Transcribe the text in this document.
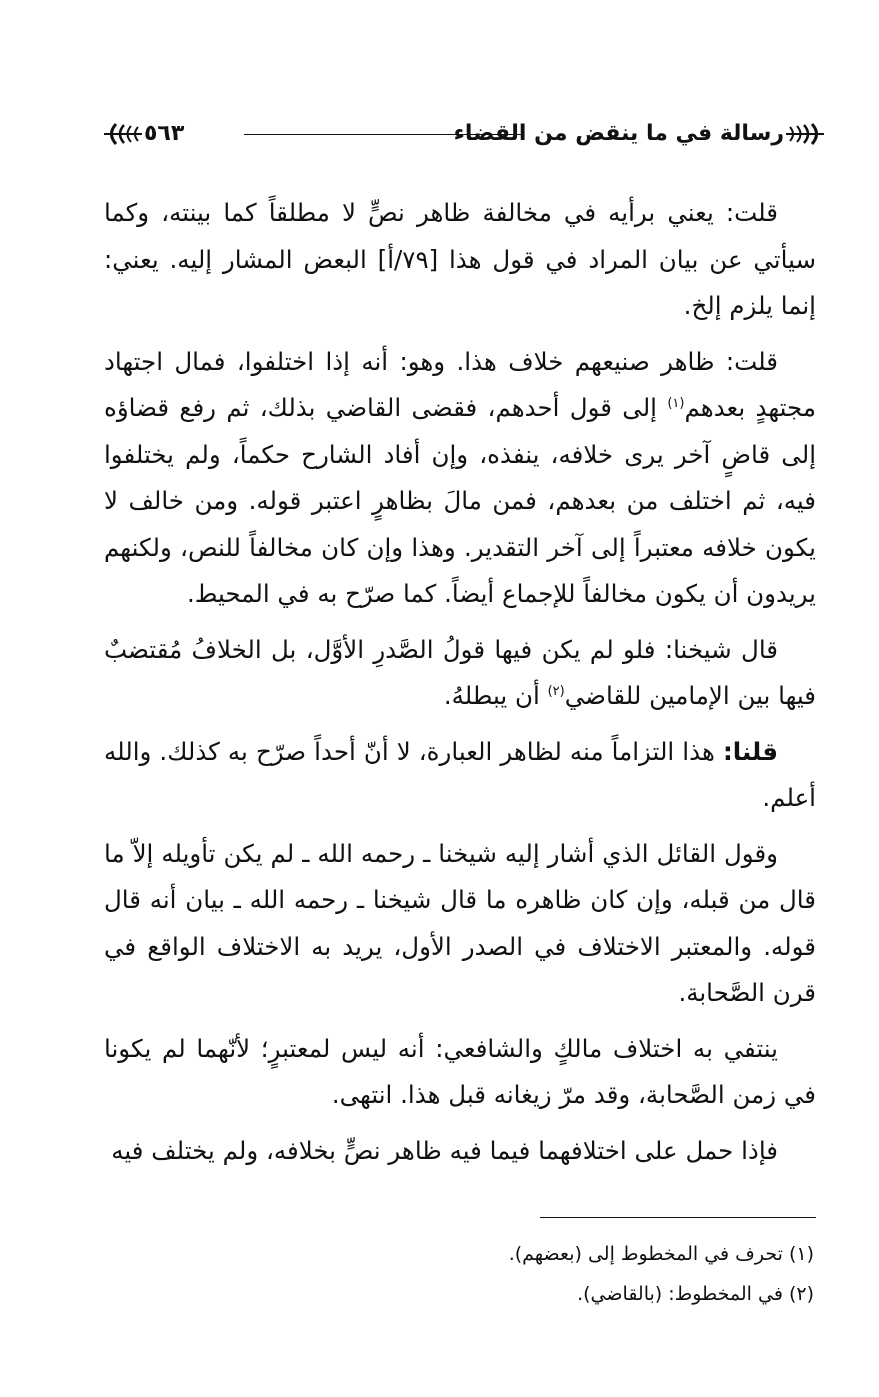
رسالة في ما ينقض من القضاء
٥٦٣

قلت: يعني برأيه في مخالفة ظاهر نصٍّ لا مطلقاً كما بينته، وكما سيأتي عن بيان المراد في قول هذا [٧٩/أ] البعض المشار إليه. يعني: إنما يلزم إلخ.

قلت: ظاهر صنيعهم خلاف هذا. وهو: أنه إذا اختلفوا، فمال اجتهاد مجتهدٍ بعدهم$^{(١)}$ إلى قول أحدهم، فقضى القاضي بذلك، ثم رفع قضاؤه إلى قاضٍ آخر يرى خلافه، ينفذه، وإن أفاد الشارح حكماً، ولم يختلفوا فيه، ثم اختلف من بعدهم، فمن مالَ بظاهرٍ اعتبر قوله. ومن خالف لا يكون خلافه معتبراً إلى آخر التقدير. وهذا وإن كان مخالفاً للنص، ولكنهم يريدون أن يكون مخالفاً للإجماع أيضاً. كما صرّح به في المحيط.

قال شيخنا: فلو لم يكن فيها قولُ الصَّدرِ الأوَّل، بل الخلافُ مُقتضبٌ فيها بين الإمامين للقاضي$^{(٢)}$ أن يبطلهُ.

قلنا: هذا التزاماً منه لظاهر العبارة، لا أنّ أحداً صرّح به كذلك. والله أعلم.

وقول القائل الذي أشار إليه شيخنا ـ رحمه الله ـ لم يكن تأويله إلاّ ما قال من قبله، وإن كان ظاهره ما قال شيخنا ـ رحمه الله ـ بيان أنه قال قوله. والمعتبر الاختلاف في الصدر الأول، يريد به الاختلاف الواقع في قرن الصَّحابة.

ينتفي به اختلاف مالكٍ والشافعي: أنه ليس لمعتبرٍ؛ لأنّهما لم يكونا في زمن الصَّحابة، وقد مرّ زيغانه قبل هذا. انتهى.

فإذا حمل على اختلافهما فيما فيه ظاهر نصٍّ بخلافه، ولم يختلف فيه

(١) تحرف في المخطوط إلى (بعضهم).

(٢) في المخطوط: (بالقاضي).
